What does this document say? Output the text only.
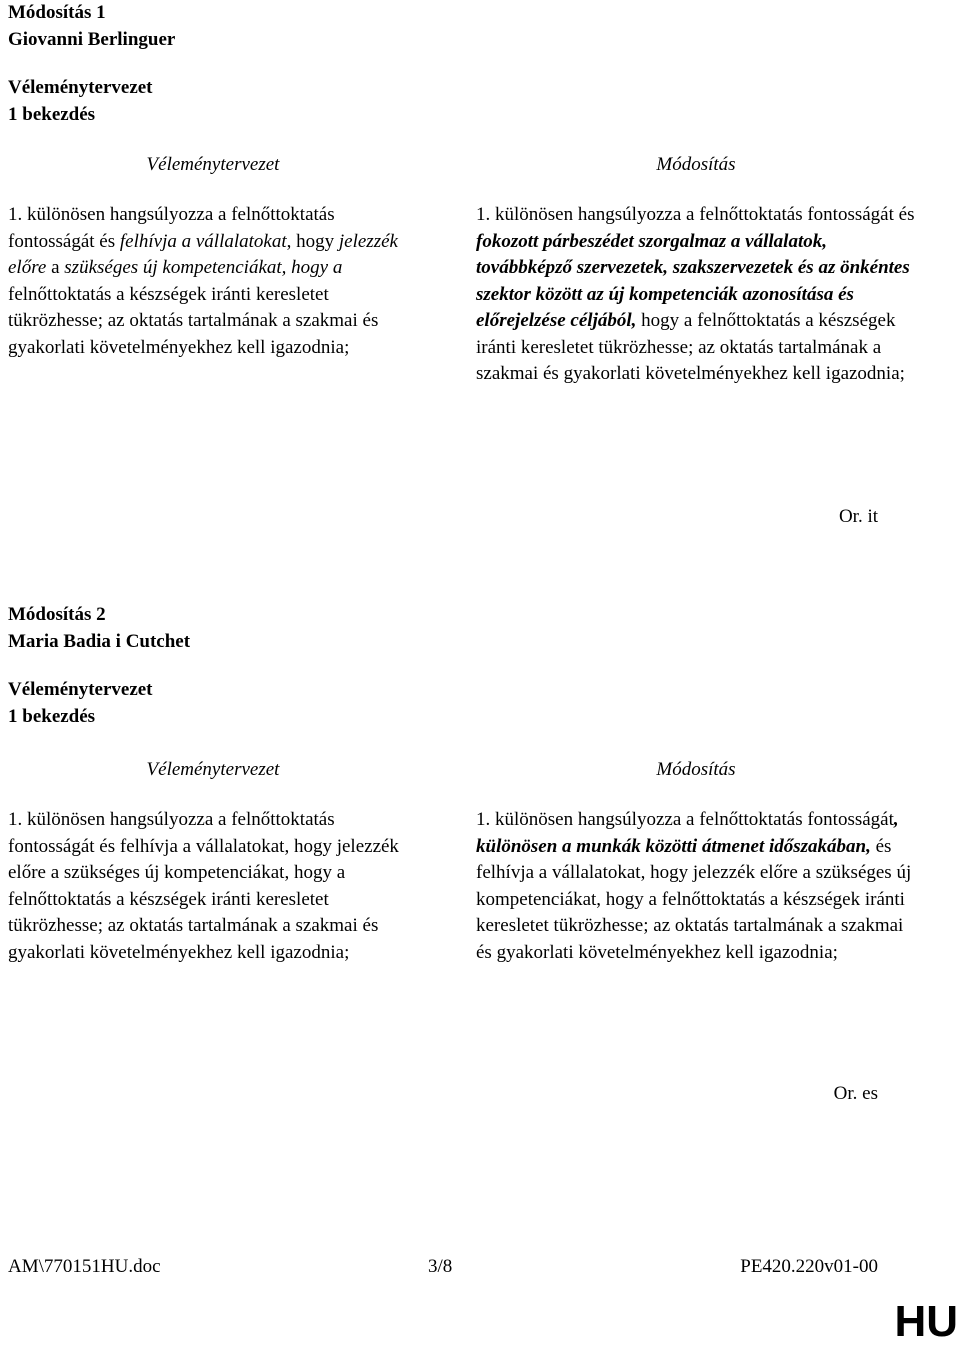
Módosítás 1
Giovanni Berlinguer
Véleménytervezet
1 bekezdés
Véleménytervezet	Módosítás
1. különösen hangsúlyozza a felnőttoktatás fontosságát és felhívja a vállalatokat, hogy jelezzék előre a szükséges új kompetenciákat, hogy a felnőttoktatás a készségek iránti keresletet tükrözhesse; az oktatás tartalmának a szakmai és gyakorlati követelményekhez kell igazodnia;
1. különösen hangsúlyozza a felnőttoktatás fontosságát és fokozott párbeszédet szorgalmaz a vállalatok, továbbképző szervezetek, szakszervezetek és az önkéntes szektor között az új kompetenciák azonosítása és előrejelzése céljából, hogy a felnőttoktatás a készségek iránti keresletet tükrözhesse; az oktatás tartalmának a szakmai és gyakorlati követelményekhez kell igazodnia;
Or. it
Módosítás 2
Maria Badia i Cutchet
Véleménytervezet
1 bekezdés
Véleménytervezet	Módosítás
1. különösen hangsúlyozza a felnőttoktatás fontosságát és felhívja a vállalatokat, hogy jelezzék előre a szükséges új kompetenciákat, hogy a felnőttoktatás a készségek iránti keresletet tükrözhesse; az oktatás tartalmának a szakmai és gyakorlati követelményekhez kell igazodnia;
1. különösen hangsúlyozza a felnőttoktatás fontosságát, különösen a munkák közötti átmenet időszakában, és felhívja a vállalatokat, hogy jelezzék előre a szükséges új kompetenciákat, hogy a felnőttoktatás a készségek iránti keresletet tükrözhesse; az oktatás tartalmának a szakmai és gyakorlati követelményekhez kell igazodnia;
Or. es
AM\770151HU.doc	3/8	PE420.220v01-00
HU
